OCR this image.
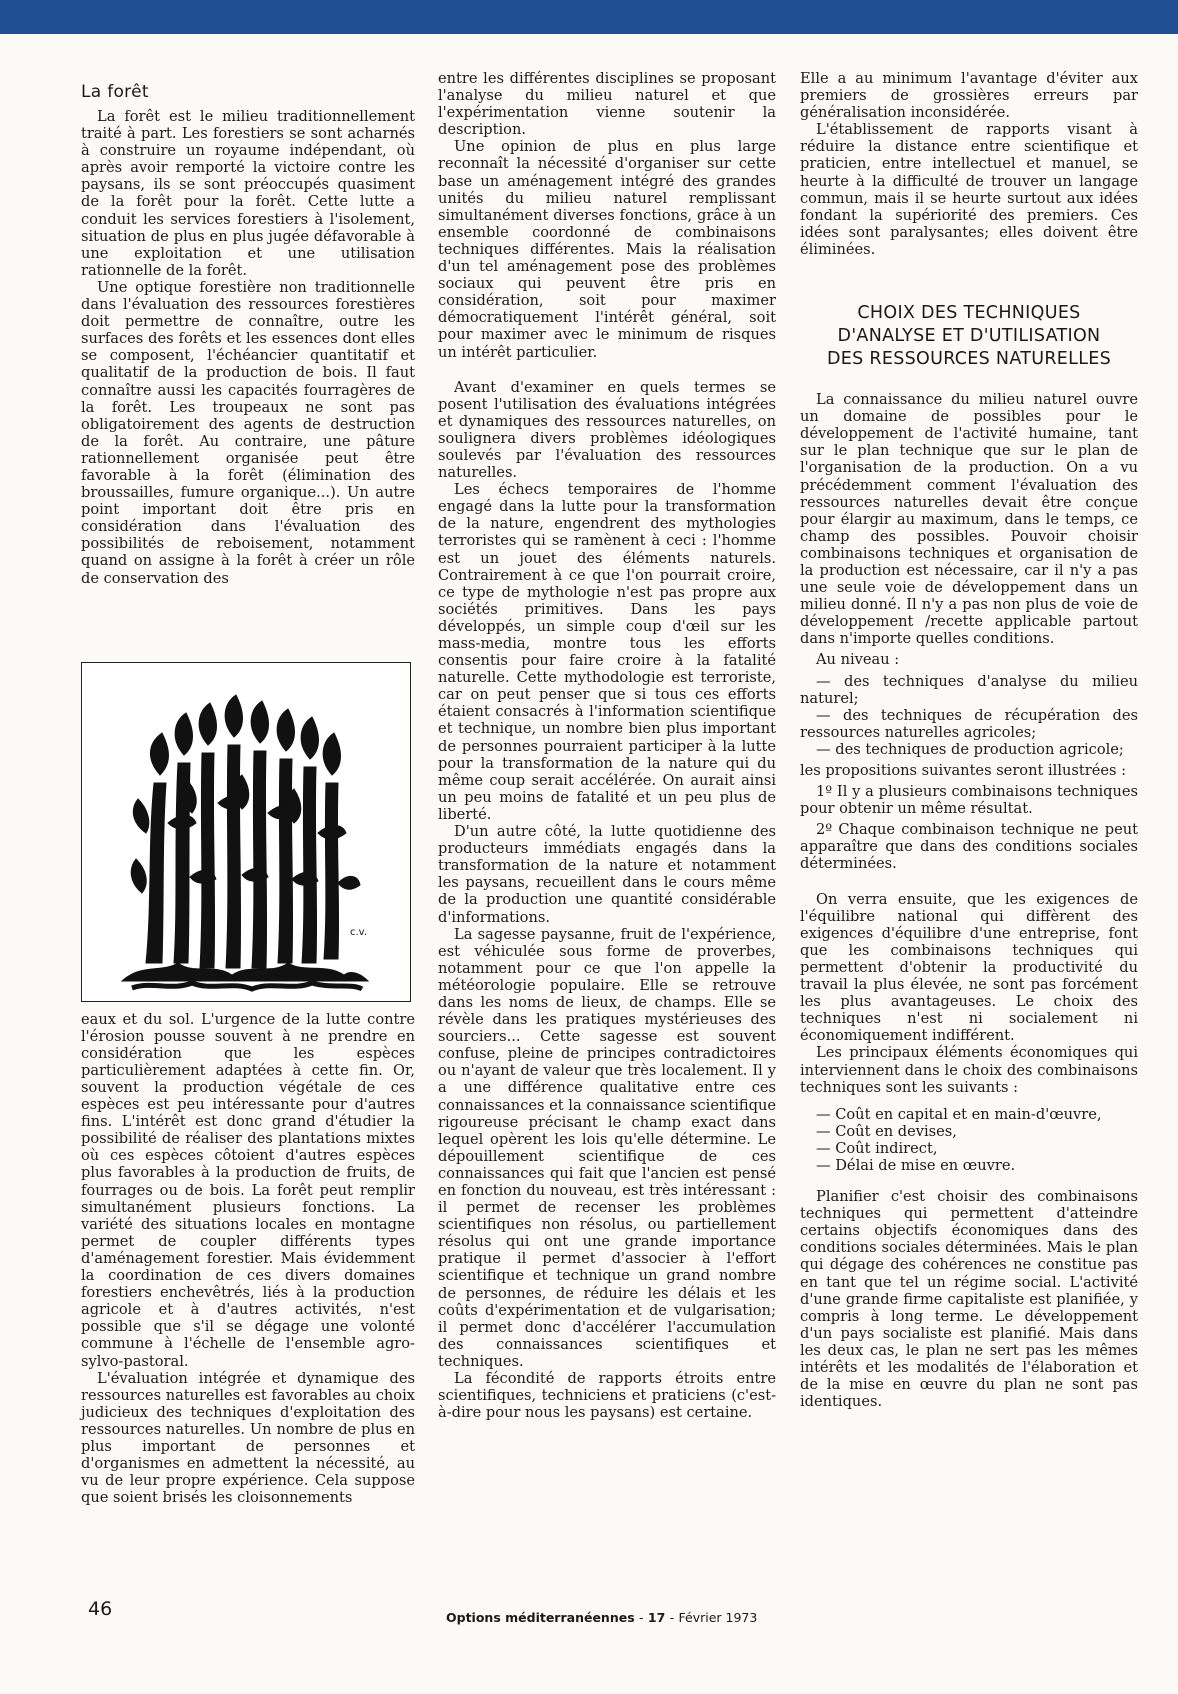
La forêt

La forêt est le milieu traditionnellement traité à part. Les forestiers se sont acharnés à construire un royaume indépendant, où après avoir remporté la victoire contre les paysans, ils se sont préoccupés quasiment de la forêt pour la forêt. Cette lutte a conduit les services forestiers à l'isolement, situation de plus en plus jugée défavorable à une exploitation et une utilisation rationnelle de la forêt.

Une optique forestière non traditionnelle dans l'évaluation des ressources forestières doit permettre de connaître, outre les surfaces des forêts et les essences dont elles se composent, l'échéancier quantitatif et qualitatif de la production de bois. Il faut connaître aussi les capacités fourragères de la forêt. Les troupeaux ne sont pas obligatoirement des agents de destruction de la forêt. Au contraire, une pâture rationnellement organisée peut être favorable à la forêt (élimination des broussailles, fumure organique...). Un autre point important doit être pris en considération dans l'évaluation des possibilités de reboisement, notamment quand on assigne à la forêt à créer un rôle de conservation des

eaux et du sol. L'urgence de la lutte contre l'érosion pousse souvent à ne prendre en considération que les espèces particulièrement adaptées à cette fin. Or, souvent la production végétale de ces espèces est peu intéressante pour d'autres fins. L'intérêt est donc grand d'étudier la possibilité de réaliser des plantations mixtes où ces espèces côtoient d'autres espèces plus favorables à la production de fruits, de fourrages ou de bois. La forêt peut remplir simultanément plusieurs fonctions. La variété des situations locales en montagne permet de coupler différents types d'aménagement forestier. Mais évidemment la coordination de ces divers domaines forestiers enchevêtrés, liés à la production agricole et à d'autres activités, n'est possible que s'il se dégage une volonté commune à l'échelle de l'ensemble agro-sylvo-pastoral.

L'évaluation intégrée et dynamique des ressources naturelles est favorables au choix judicieux des techniques d'exploitation des ressources naturelles. Un nombre de plus en plus important de personnes et d'organismes en admettent la nécessité, au vu de leur propre expérience. Cela suppose que soient brisés les cloisonnements

c.v.

entre les différentes disciplines se proposant l'analyse du milieu naturel et que l'expérimentation vienne soutenir la description.

Une opinion de plus en plus large reconnaît la nécessité d'organiser sur cette base un aménagement intégré des grandes unités du milieu naturel remplissant simultanément diverses fonctions, grâce à un ensemble coordonné de combinaisons techniques différentes. Mais la réalisation d'un tel aménagement pose des problèmes sociaux qui peuvent être pris en considération, soit pour maximer démocratiquement l'intérêt général, soit pour maximer avec le minimum de risques un intérêt particulier.

Avant d'examiner en quels termes se posent l'utilisation des évaluations intégrées et dynamiques des ressources naturelles, on soulignera divers problèmes idéologiques soulevés par l'évaluation des ressources naturelles.

Les échecs temporaires de l'homme engagé dans la lutte pour la transformation de la nature, engendrent des mythologies terroristes qui se ramènent à ceci : l'homme est un jouet des éléments naturels. Contrairement à ce que l'on pourrait croire, ce type de mythologie n'est pas propre aux sociétés primitives. Dans les pays développés, un simple coup d'œil sur les mass-media, montre tous les efforts consentis pour faire croire à la fatalité naturelle. Cette mythodologie est terroriste, car on peut penser que si tous ces efforts étaient consacrés à l'information scientifique et technique, un nombre bien plus important de personnes pourraient participer à la lutte pour la transformation de la nature qui du même coup serait accélérée. On aurait ainsi un peu moins de fatalité et un peu plus de liberté.

D'un autre côté, la lutte quotidienne des producteurs immédiats engagés dans la transformation de la nature et notamment les paysans, recueillent dans le cours même de la production une quantité considérable d'informations.

La sagesse paysanne, fruit de l'expérience, est véhiculée sous forme de proverbes, notamment pour ce que l'on appelle la météorologie populaire. Elle se retrouve dans les noms de lieux, de champs. Elle se révèle dans les pratiques mystérieuses des sourciers... Cette sagesse est souvent confuse, pleine de principes contradictoires ou n'ayant de valeur que très localement. Il y a une différence qualitative entre ces connaissances et la connaissance scientifique rigoureuse précisant le champ exact dans lequel opèrent les lois qu'elle détermine. Le dépouillement scientifique de ces connaissances qui fait que l'ancien est pensé en fonction du nouveau, est très intéressant : il permet de recenser les problèmes scientifiques non résolus, ou partiellement résolus qui ont une grande importance pratique il permet d'associer à l'effort scientifique et technique un grand nombre de personnes, de réduire les délais et les coûts d'expérimentation et de vulgarisation; il permet donc d'accélérer l'accumulation des connaissances scientifiques et techniques.

La fécondité de rapports étroits entre scientifiques, techniciens et praticiens (c'est-à-dire pour nous les paysans) est certaine.

Elle a au minimum l'avantage d'éviter aux premiers de grossières erreurs par généralisation inconsidérée.

L'établissement de rapports visant à réduire la distance entre scientifique et praticien, entre intellectuel et manuel, se heurte à la difficulté de trouver un langage commun, mais il se heurte surtout aux idées fondant la supériorité des premiers. Ces idées sont paralysantes; elles doivent être éliminées.

CHOIX DES TECHNIQUES

D'ANALYSE ET D'UTILISATION

DES RESSOURCES NATURELLES

La connaissance du milieu naturel ouvre un domaine de possibles pour le développement de l'activité humaine, tant sur le plan technique que sur le plan de l'organisation de la production. On a vu précédemment comment l'évaluation des ressources naturelles devait être conçue pour élargir au maximum, dans le temps, ce champ des possibles. Pouvoir choisir combinaisons techniques et organisation de la production est nécessaire, car il n'y a pas une seule voie de développement dans un milieu donné. Il n'y a pas non plus de voie de développement /recette applicable partout dans n'importe quelles conditions.

Au niveau :

— des techniques d'analyse du milieu naturel;

— des techniques de récupération des ressources naturelles agricoles;

— des techniques de production agricole;

les propositions suivantes seront illustrées :

1º Il y a plusieurs combinaisons techniques pour obtenir un même résultat.

2º Chaque combinaison technique ne peut apparaître que dans des conditions sociales déterminées.

On verra ensuite, que les exigences de l'équilibre national qui diffèrent des exigences d'équilibre d'une entreprise, font que les combinaisons techniques qui permettent d'obtenir la productivité du travail la plus élevée, ne sont pas forcément les plus avantageuses. Le choix des techniques n'est ni socialement ni économiquement indifférent.

Les principaux éléments économiques qui interviennent dans le choix des combinaisons techniques sont les suivants :

— Coût en capital et en main-d'œuvre,

— Coût en devises,

— Coût indirect,

— Délai de mise en œuvre.

Planifier c'est choisir des combinaisons techniques qui permettent d'atteindre certains objectifs économiques dans des conditions sociales déterminées. Mais le plan qui dégage des cohérences ne constitue pas en tant que tel un régime social. L'activité d'une grande firme capitaliste est planifiée, y compris à long terme. Le développement d'un pays socialiste est planifié. Mais dans les deux cas, le plan ne sert pas les mêmes intérêts et les modalités de l'élaboration et de la mise en œuvre du plan ne sont pas identiques.

46	Options méditerranéennes - 17 - Février 1973
